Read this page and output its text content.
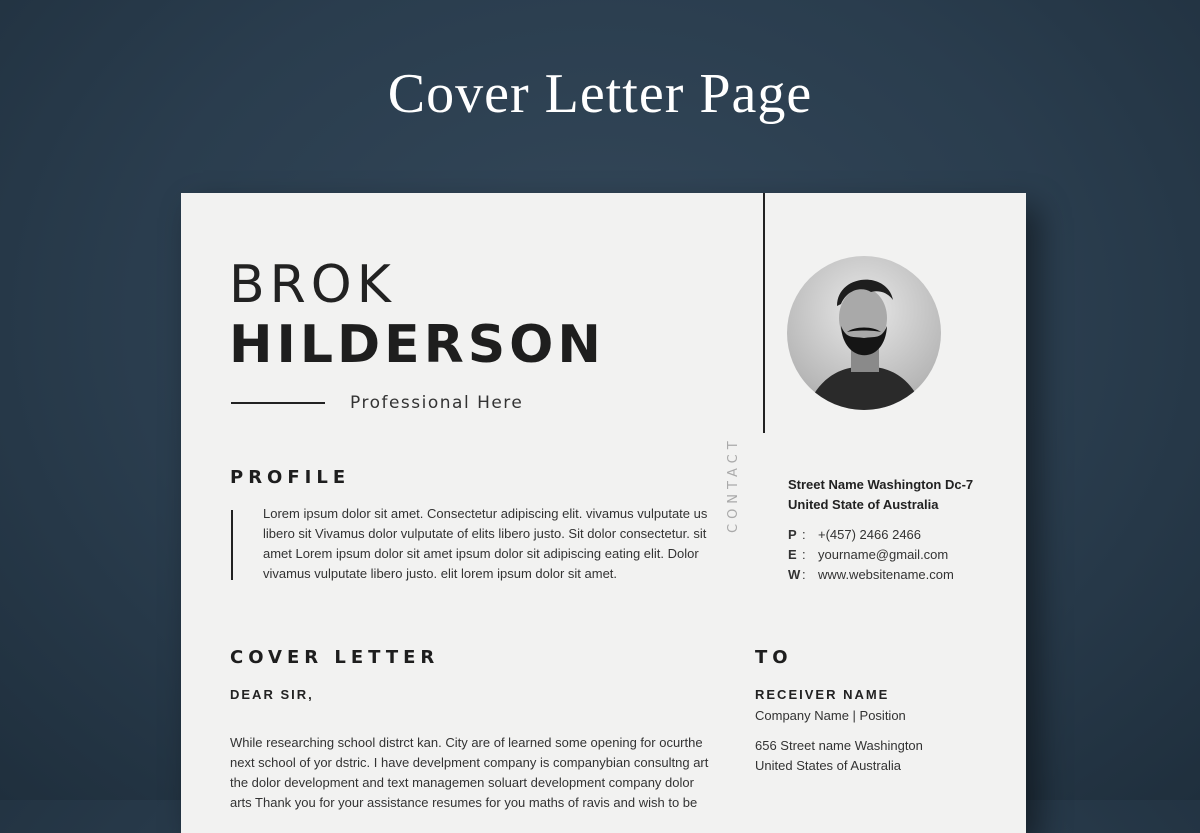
Cover Letter Page
BROK
HILDERSON
Professional Here
PROFILE

Lorem ipsum dolor sit amet. Consectetur adipiscing elit. vivamus vulputate us libero sit Vivamus dolor vulputate of elits libero justo. Sit dolor consectetur. sit amet Lorem ipsum dolor sit amet ipsum dolor sit adipiscing eating elit. Dolor vivamus vulputate libero justo. elit lorem ipsum dolor sit amet.

CONTACT	Street Name Washington Dc-7
United State of Australia
P : +(457) 2466 2466
E : yourname@gmail.com
W : www.websitename.com
COVER LETTER
DEAR SIR,

While researching school distrct kan. City are of learned some opening for ocurthe next school of yor dstric. I have develpment company is companybian consultng art the dolor development and text managemen soluart development company dolor arts Thank you for your assistance resumes for you maths of ravis and wish to be

TO
RECEIVER NAME
Company Name | Position
656 Street name Washington
United States of Australia
